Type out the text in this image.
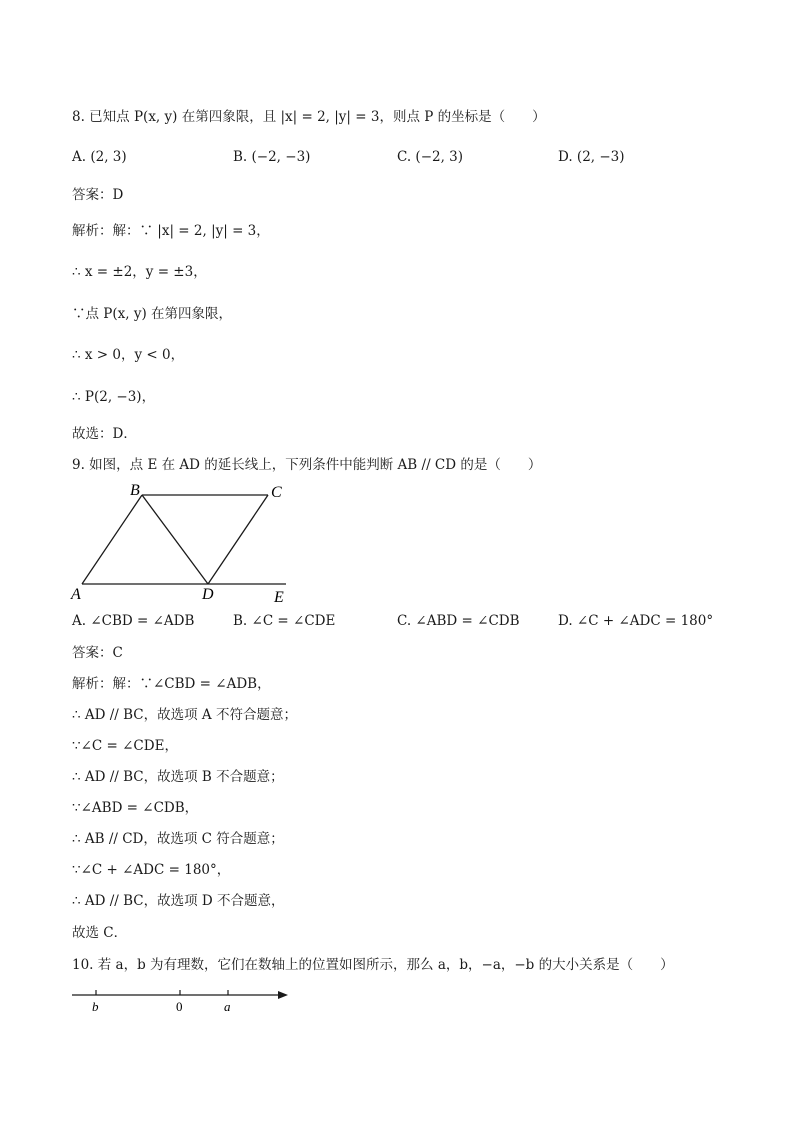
8. 已知点 P(x, y) 在第四象限，且 |x| = 2, |y| = 3，则点 P 的坐标是（　　）
A. (2, 3)	B. (−2, −3)	C. (−2, 3)	D. (2, −3)
答案：D
解析：解：∵ |x| = 2, |y| = 3，
∴ x = ±2，y = ±3，
∵点 P(x, y) 在第四象限，
∴ x > 0，y < 0，
∴ P(2, −3)，
故选：D．
9. 如图，点 E 在 AD 的延长线上，下列条件中能判断 AB // CD 的是（　　）
B	C
A	D	E
A. ∠CBD = ∠ADB	B. ∠C = ∠CDE	C. ∠ABD = ∠CDB	D. ∠C + ∠ADC = 180°
答案：C
解析：解：∵∠CBD = ∠ADB，
∴ AD // BC，故选项 A 不符合题意；
∵∠C = ∠CDE，
∴ AD // BC，故选项 B 不合题意；
∵∠ABD = ∠CDB，
∴ AB // CD，故选项 C 符合题意；
∵∠C + ∠ADC = 180°，
∴ AD // BC，故选项 D 不合题意，
故选 C．
10. 若 a，b 为有理数，它们在数轴上的位置如图所示，那么 a，b，−a，−b 的大小关系是（　　）
b	0	a
